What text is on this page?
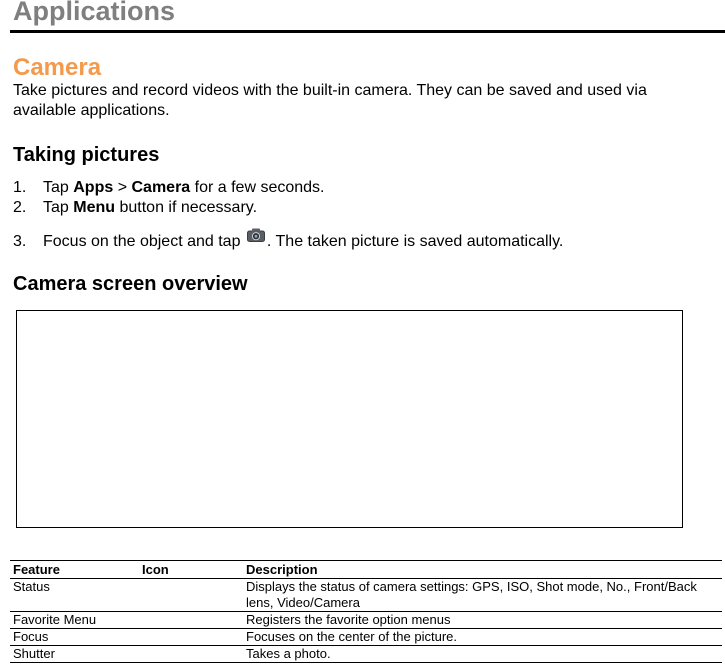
Applications
Camera

Take pictures and record videos with the built-in camera. They can be saved and used via available applications.

Taking pictures

1. Tap Apps > Camera for a few seconds.

2. Tap Menu button if necessary.

3. Focus on the object and tap . The taken picture is saved automatically.

Camera screen overview
Feature	Icon	Description
Status		Displays the status of camera settings: GPS, ISO, Shot mode, No., Front/Back lens, Video/Camera
Favorite Menu		Registers the favorite option menus
Focus		Focuses on the center of the picture.
Shutter		Takes a photo.
